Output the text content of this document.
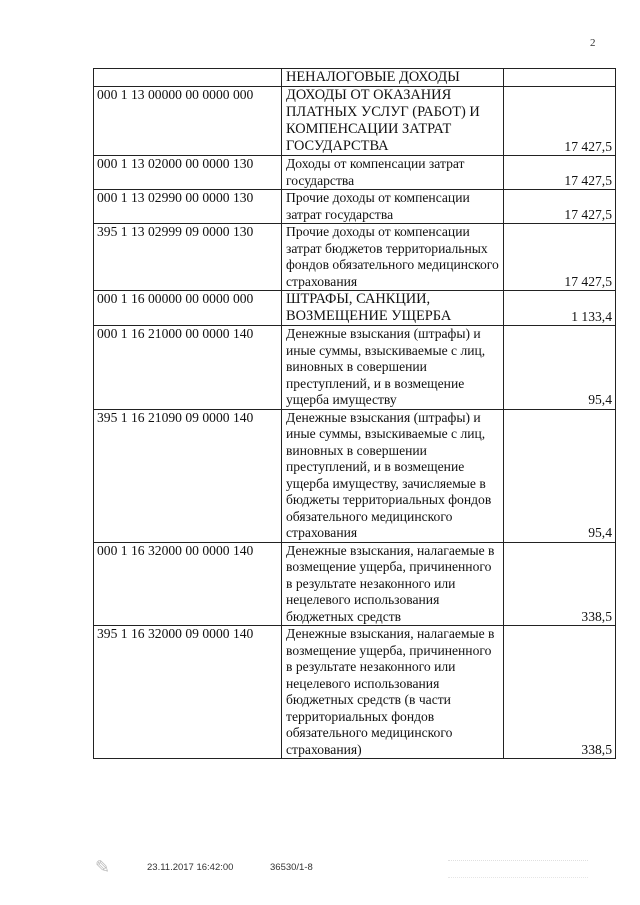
2
	НЕНАЛОГОВЫЕ ДОХОДЫ	
000 1 13 00000 00 0000 000	ДОХОДЫ ОТ ОКАЗАНИЯ ПЛАТНЫХ УСЛУГ (РАБОТ) И КОМПЕНСАЦИИ ЗАТРАТ ГОСУДАРСТВА	17 427,5
000 1 13 02000 00 0000 130	Доходы от компенсации затрат государства	17 427,5
000 1 13 02990 00 0000 130	Прочие доходы от компенсации затрат государства	17 427,5
395 1 13 02999 09 0000 130	Прочие доходы от компенсации затрат бюджетов территориальных фондов обязательного медицинского страхования	17 427,5
000 1 16 00000 00 0000 000	ШТРАФЫ, САНКЦИИ, ВОЗМЕЩЕНИЕ УЩЕРБА	1 133,4
000 1 16 21000 00 0000 140	Денежные взыскания (штрафы) и иные суммы, взыскиваемые с лиц, виновных в совершении преступлений, и в возмещение ущерба имуществу	95,4
395 1 16 21090 09 0000 140	Денежные взыскания (штрафы) и иные суммы, взыскиваемые с лиц, виновных в совершении преступлений, и в возмещение ущерба имуществу, зачисляемые в бюджеты территориальных фондов обязательного медицинского страхования	95,4
000 1 16 32000 00 0000 140	Денежные взыскания, налагаемые в возмещение ущерба, причиненного в результате незаконного или нецелевого использования бюджетных средств	338,5
395 1 16 32000 09 0000 140	Денежные взыскания, налагаемые в возмещение ущерба, причиненного в результате незаконного или нецелевого использования бюджетных средств (в части территориальных фондов обязательного медицинского страхования)	338,5
✎	23.11.2017 16:42:00	36530/1-8
